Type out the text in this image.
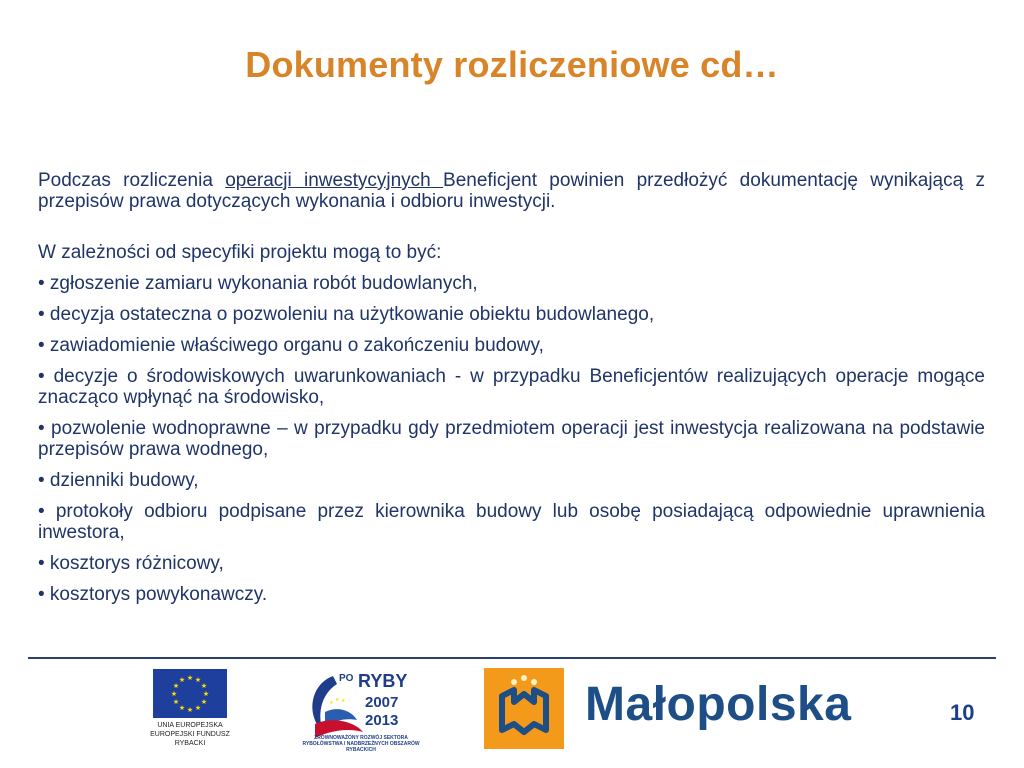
Dokumenty rozliczeniowe cd…

Podczas rozliczenia operacji inwestycyjnych Beneficjent powinien przedłożyć dokumentację wynikającą z przepisów prawa dotyczących wykonania i odbioru inwestycji.

W zależności od specyfiki projektu mogą to być:

• zgłoszenie zamiaru wykonania robót budowlanych,

• decyzja ostateczna o pozwoleniu na użytkowanie obiektu budowlanego,

• zawiadomienie właściwego organu o zakończeniu budowy,

• decyzje o środowiskowych uwarunkowaniach - w przypadku Beneficjentów realizujących operacje mogące znacząco wpłynąć na środowisko,

• pozwolenie wodnoprawne – w przypadku gdy przedmiotem operacji jest inwestycja realizowana na podstawie przepisów prawa wodnego,

• dzienniki budowy,

• protokoły odbioru podpisane przez kierownika budowy lub osobę posiadającą odpowiednie uprawnienia inwestora,

• kosztorys różnicowy,

• kosztorys powykonawczy.

★ ★
★
★
★
★
★
★
★
★
★
★
UNIA EUROPEJSKA
EUROPEJSKI FUNDUSZ
RYBACKI
★ ★ ★
PO RYBY
2007
2013
ZRÓWNOWAŻONY ROZWÓJ SEKTORA RYBOŁÓWSTWA I NADBRZEŻNYCH OBSZARÓW RYBACKICH
Małopolska	10
